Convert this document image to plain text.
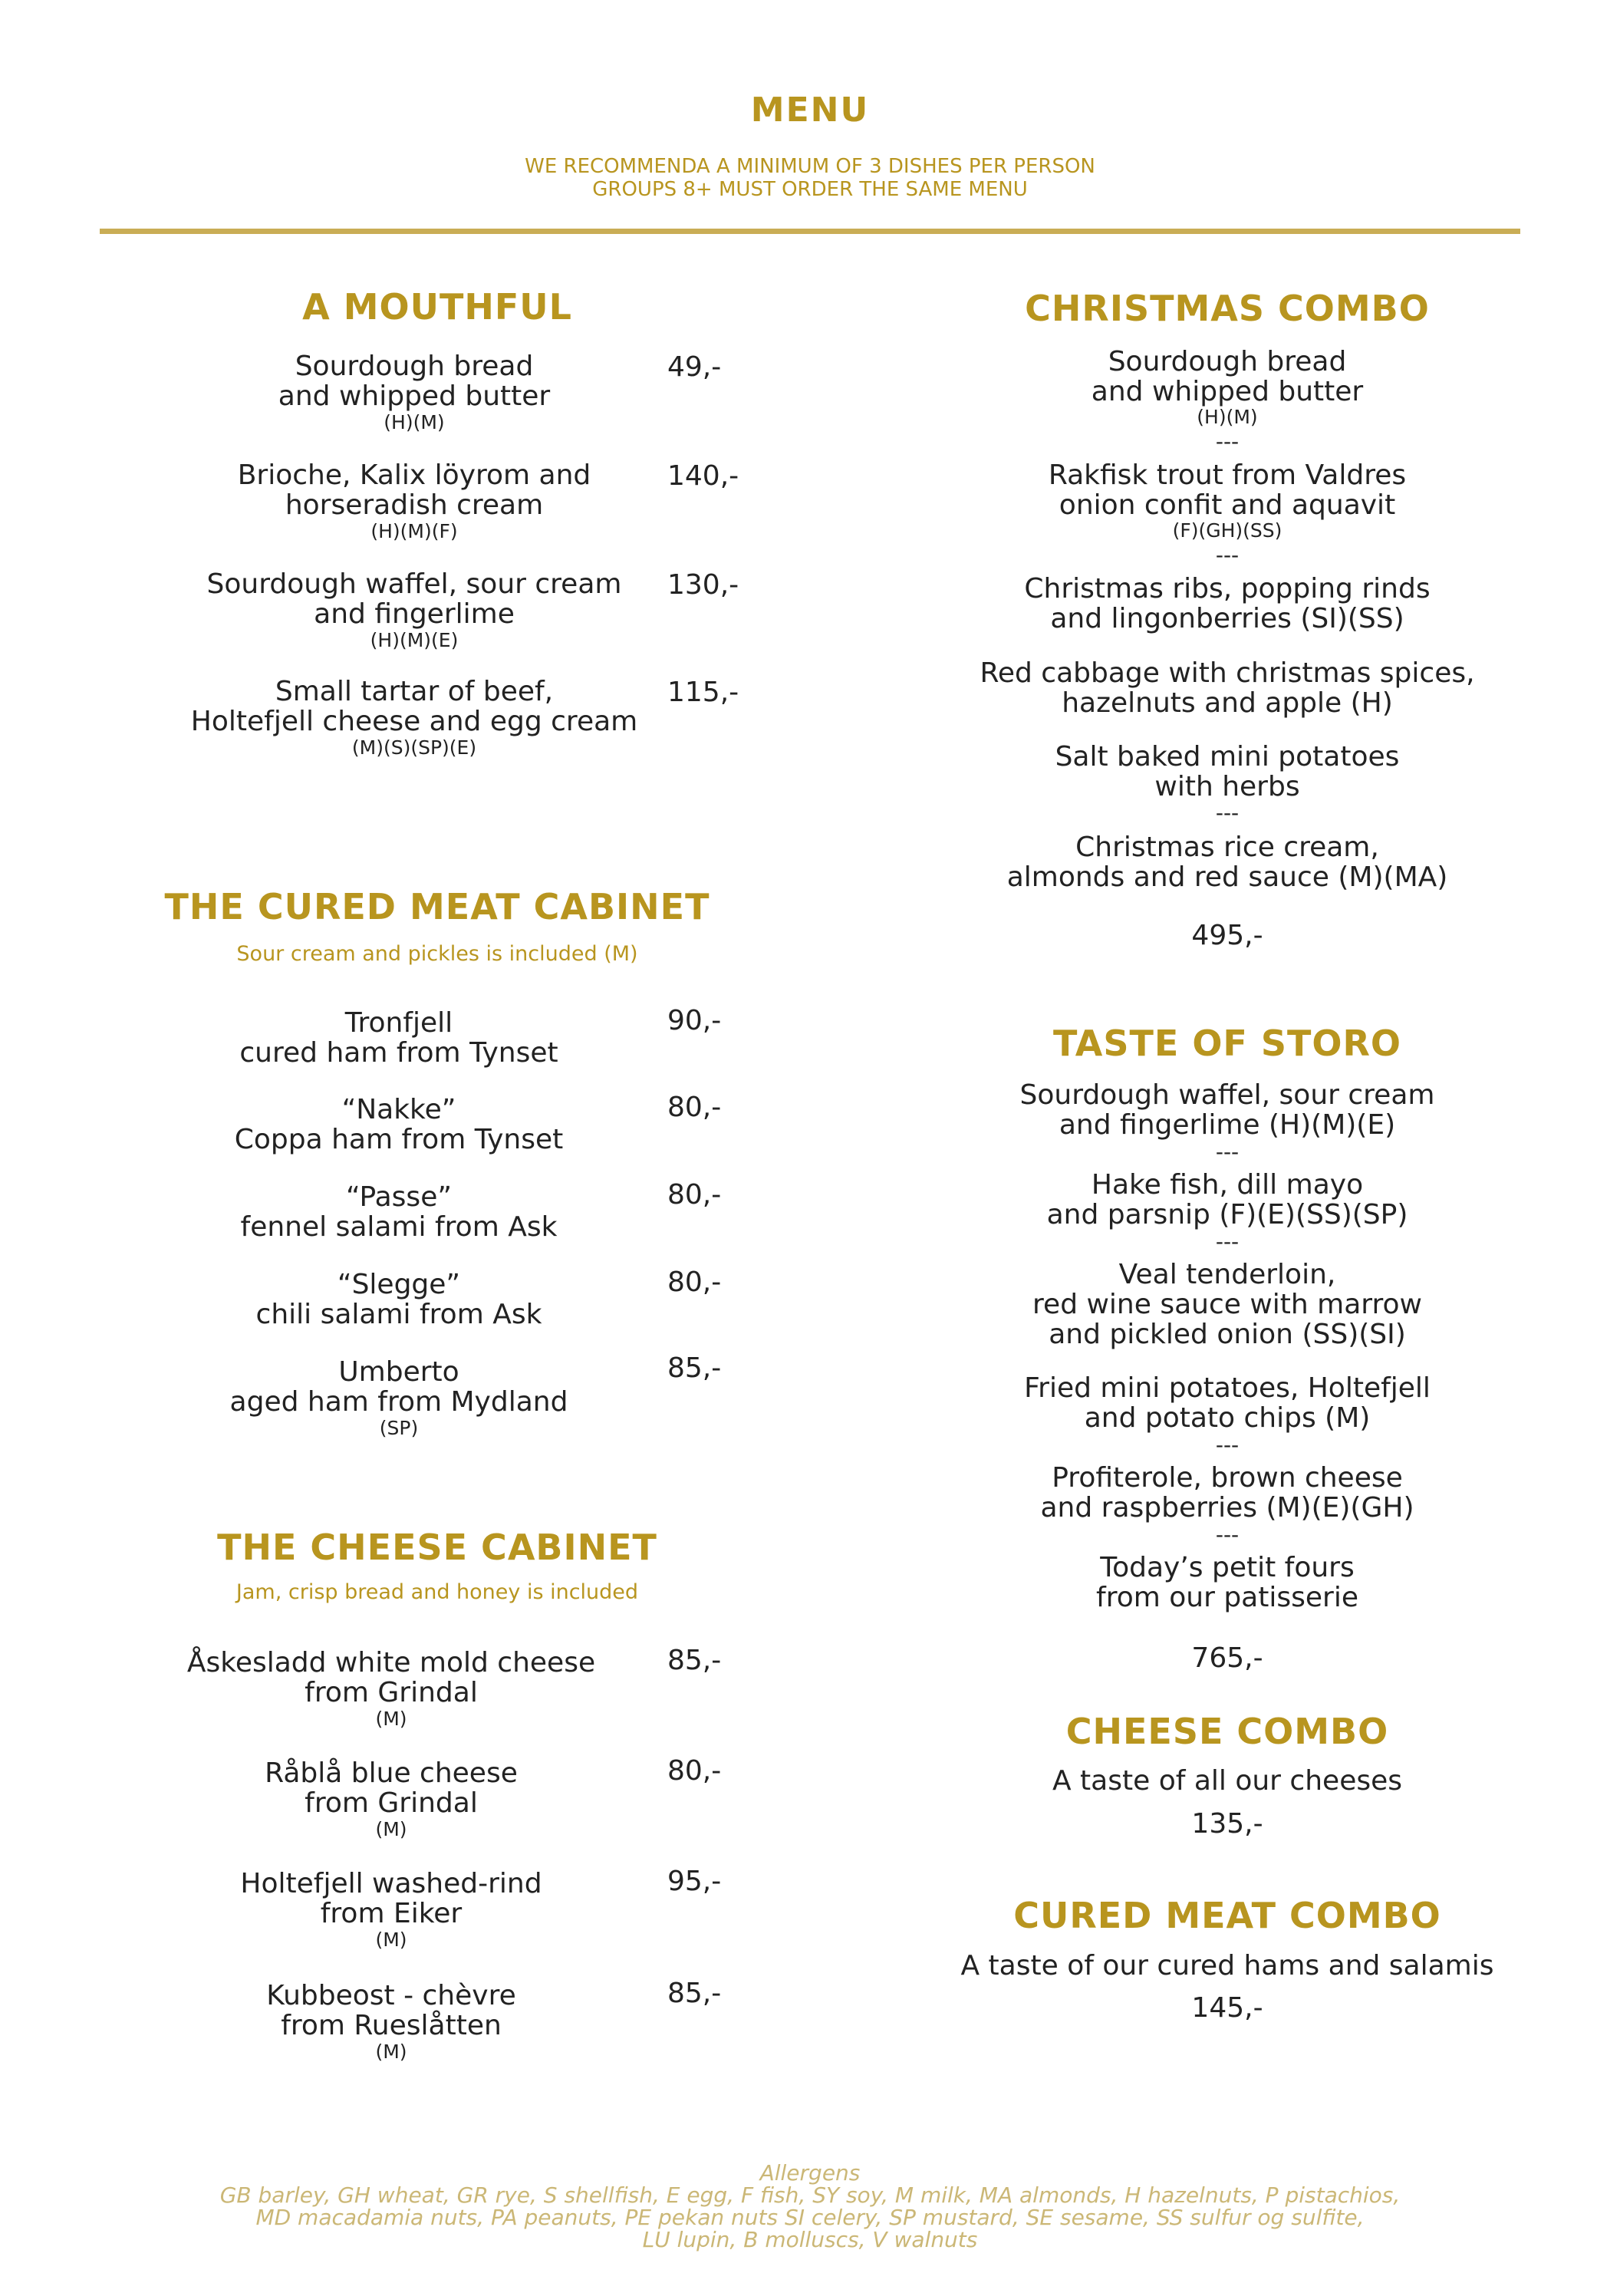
MENU
WE RECOMMENDA A MINIMUM OF 3 DISHES PER PERSON
GROUPS 8+ MUST ORDER THE SAME MENU
A MOUTHFUL
Sourdough bread
and whipped butter
(H)(M)
49,-
Brioche, Kalix löyrom and
horseradish cream
(H)(M)(F)
140,-
Sourdough waffel, sour cream
and fingerlime
(H)(M)(E)
130,-
Small tartar of beef,
Holtefjell cheese and egg cream
(M)(S)(SP)(E)
115,-
THE CURED MEAT CABINET
Sour cream and pickles is included (M)
Tronfjell
cured ham from Tynset
90,-
“Nakke”
Coppa ham from Tynset
80,-
“Passe”
fennel salami from Ask
80,-
“Slegge”
chili salami from Ask
80,-
Umberto
aged ham from Mydland
(SP)
85,-
THE CHEESE CABINET
Jam, crisp bread and honey is included
Åskesladd white mold cheese
from Grindal
(M)
85,-
Råblå blue cheese
from Grindal
(M)
80,-
Holtefjell washed-rind
from Eiker
(M)
95,-
Kubbeost - chèvre
from Rueslåtten
(M)
85,-
CHRISTMAS COMBO
Sourdough bread
and whipped butter
(H)(M)
---
Rakfisk trout from Valdres
onion confit and aquavit
(F)(GH)(SS)
---
Christmas ribs, popping rinds
and lingonberries (SI)(SS)
Red cabbage with christmas spices,
hazelnuts and apple (H)
Salt baked mini potatoes
with herbs
---
Christmas rice cream,
almonds and red sauce (M)(MA)
495,-
TASTE OF STORO
Sourdough waffel, sour cream
and fingerlime (H)(M)(E)
---
Hake fish, dill mayo
and parsnip (F)(E)(SS)(SP)
---
Veal tenderloin,
red wine sauce with marrow
and pickled onion (SS)(SI)
Fried mini potatoes, Holtefjell
and potato chips (M)
---
Profiterole, brown cheese
and raspberries (M)(E)(GH)
---
Today’s petit fours
from our patisserie
765,-
CHEESE COMBO
A taste of all our cheeses
135,-
CURED MEAT COMBO
A taste of our cured hams and salamis
145,-
Allergens
GB barley, GH wheat, GR rye, S shellfish, E egg, F fish, SY soy, M milk, MA almonds, H hazelnuts, P pistachios,
MD macadamia nuts, PA peanuts, PE pekan nuts SI celery, SP mustard, SE sesame, SS sulfur og sulfite,
LU lupin, B molluscs, V walnuts
